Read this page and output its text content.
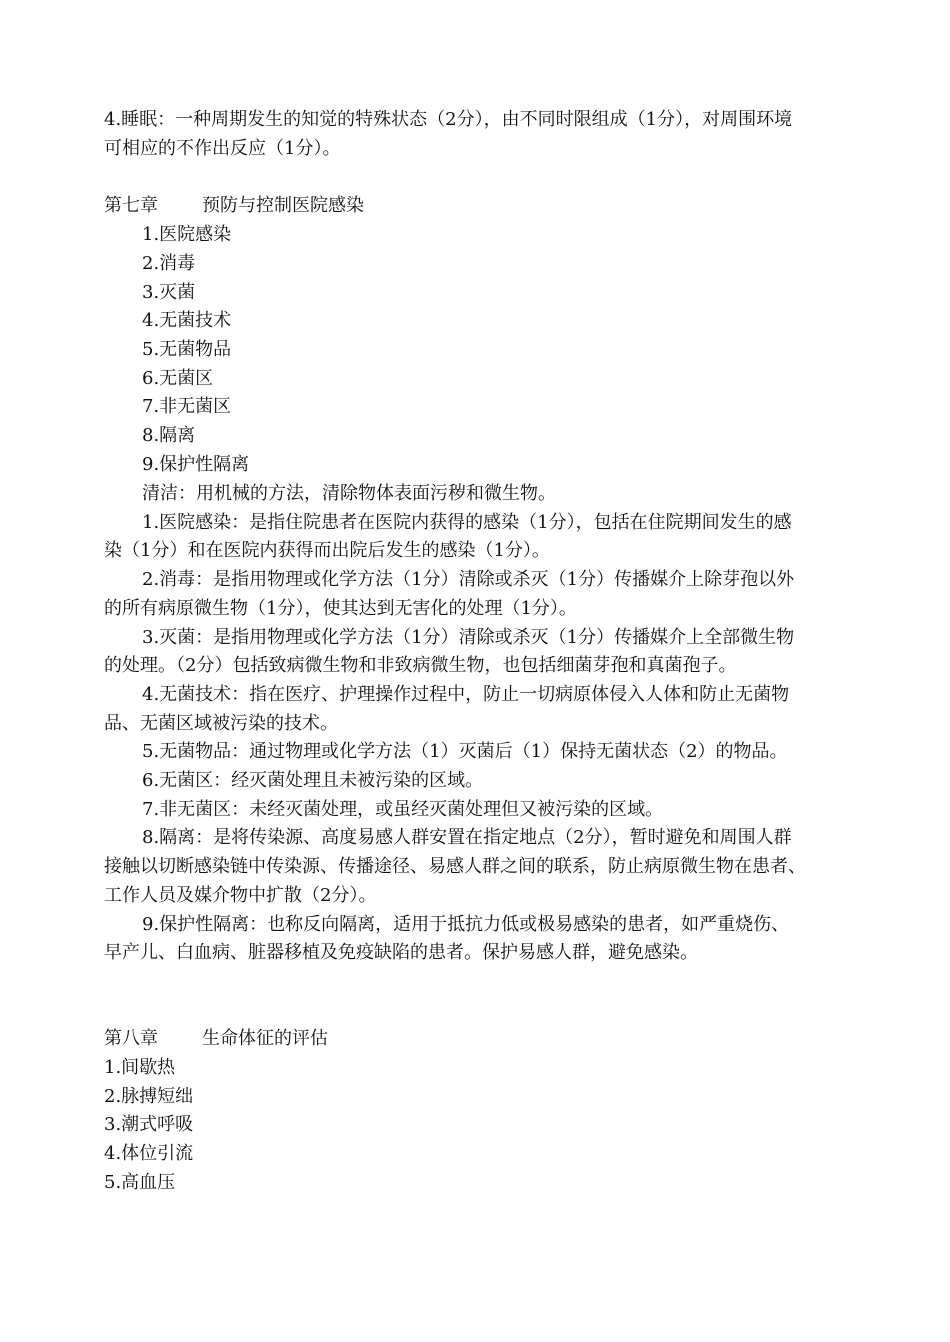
4.睡眠：一种周期发生的知觉的特殊状态（2分），由不同时限组成（1分），对周围环境
可相应的不作出反应（1分）。
第七章 预防与控制医院感染
1.医院感染
2.消毒
3.灭菌
4.无菌技术
5.无菌物品
6.无菌区
7.非无菌区
8.隔离
9.保护性隔离
清洁：用机械的方法，清除物体表面污秽和微生物。
1.医院感染：是指住院患者在医院内获得的感染（1分），包括在住院期间发生的感
染（1分）和在医院内获得而出院后发生的感染（1分）。
2.消毒：是指用物理或化学方法（1分）清除或杀灭（1分）传播媒介上除芽孢以外
的所有病原微生物（1分），使其达到无害化的处理（1分）。
3.灭菌：是指用物理或化学方法（1分）清除或杀灭（1分）传播媒介上全部微生物
的处理。（2分）包括致病微生物和非致病微生物，也包括细菌芽孢和真菌孢子。
4.无菌技术：指在医疗、护理操作过程中，防止一切病原体侵入人体和防止无菌物
品、无菌区域被污染的技术。
5.无菌物品：通过物理或化学方法（1）灭菌后（1）保持无菌状态（2）的物品。
6.无菌区：经灭菌处理且未被污染的区域。
7.非无菌区：未经灭菌处理，或虽经灭菌处理但又被污染的区域。
8.隔离：是将传染源、高度易感人群安置在指定地点（2分），暂时避免和周围人群
接触以切断感染链中传染源、传播途径、易感人群之间的联系，防止病原微生物在患者、
工作人员及媒介物中扩散（2分）。
9.保护性隔离：也称反向隔离，适用于抵抗力低或极易感染的患者，如严重烧伤、
早产儿、白血病、脏器移植及免疫缺陷的患者。保护易感人群，避免感染。
第八章 生命体征的评估
1.间歇热
2.脉搏短绌
3.潮式呼吸
4.体位引流
5.高血压
